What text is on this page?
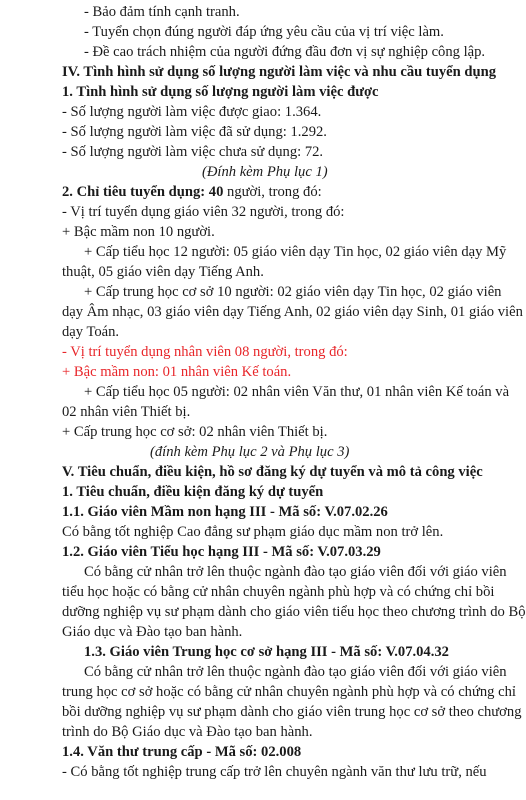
- Bảo đảm tính cạnh tranh.
- Tuyển chọn đúng người đáp ứng yêu cầu của vị trí việc làm.
- Đề cao trách nhiệm của người đứng đầu đơn vị sự nghiệp công lập.
IV. Tình hình sử dụng số lượng người làm việc và nhu cầu tuyển dụng
1. Tình hình sử dụng số lượng người làm việc được
- Số lượng người làm việc được giao: 1.364.
- Số lượng người làm việc đã sử dụng: 1.292.
- Số lượng người làm việc chưa sử dụng: 72.
(Đính kèm Phụ lục 1)
2. Chỉ tiêu tuyển dụng: 40 người, trong đó:
- Vị trí tuyển dụng giáo viên 32 người, trong đó:
+ Bậc mầm non 10 người.
+ Cấp tiểu học 12 người: 05 giáo viên dạy Tin học, 02 giáo viên dạy Mỹ
thuật, 05 giáo viên dạy Tiếng Anh.
+ Cấp trung học cơ sở 10 người: 02 giáo viên dạy Tin học, 02 giáo viên
dạy Âm nhạc, 03 giáo viên dạy Tiếng Anh, 02 giáo viên dạy Sinh, 01 giáo viên
dạy Toán.
- Vị trí tuyển dụng nhân viên 08 người, trong đó:
+ Bậc mầm non: 01 nhân viên Kế toán.
+ Cấp tiểu học 05 người: 02 nhân viên Văn thư, 01 nhân viên Kế toán và
02 nhân viên Thiết bị.
+ Cấp trung học cơ sở: 02 nhân viên Thiết bị.
(đính kèm Phụ lục 2 và Phụ lục 3)
V. Tiêu chuẩn, điều kiện, hồ sơ đăng ký dự tuyển và mô tả công việc
1. Tiêu chuẩn, điều kiện đăng ký dự tuyển
1.1. Giáo viên Mầm non hạng III - Mã số: V.07.02.26
Có bằng tốt nghiệp Cao đẳng sư phạm giáo dục mầm non trở lên.
1.2. Giáo viên Tiểu học hạng III - Mã số: V.07.03.29
Có bằng cử nhân trở lên thuộc ngành đào tạo giáo viên đối với giáo viên
tiểu học hoặc có bằng cử nhân chuyên ngành phù hợp và có chứng chỉ bồi
dưỡng nghiệp vụ sư phạm dành cho giáo viên tiểu học theo chương trình do Bộ
Giáo dục và Đào tạo ban hành.
1.3. Giáo viên Trung học cơ sở hạng III - Mã số: V.07.04.32
Có bằng cử nhân trở lên thuộc ngành đào tạo giáo viên đối với giáo viên
trung học cơ sở hoặc có bằng cử nhân chuyên ngành phù hợp và có chứng chỉ
bồi dưỡng nghiệp vụ sư phạm dành cho giáo viên trung học cơ sở theo chương
trình do Bộ Giáo dục và Đào tạo ban hành.
1.4. Văn thư trung cấp - Mã số: 02.008
- Có bằng tốt nghiệp trung cấp trở lên chuyên ngành văn thư lưu trữ, nếu
